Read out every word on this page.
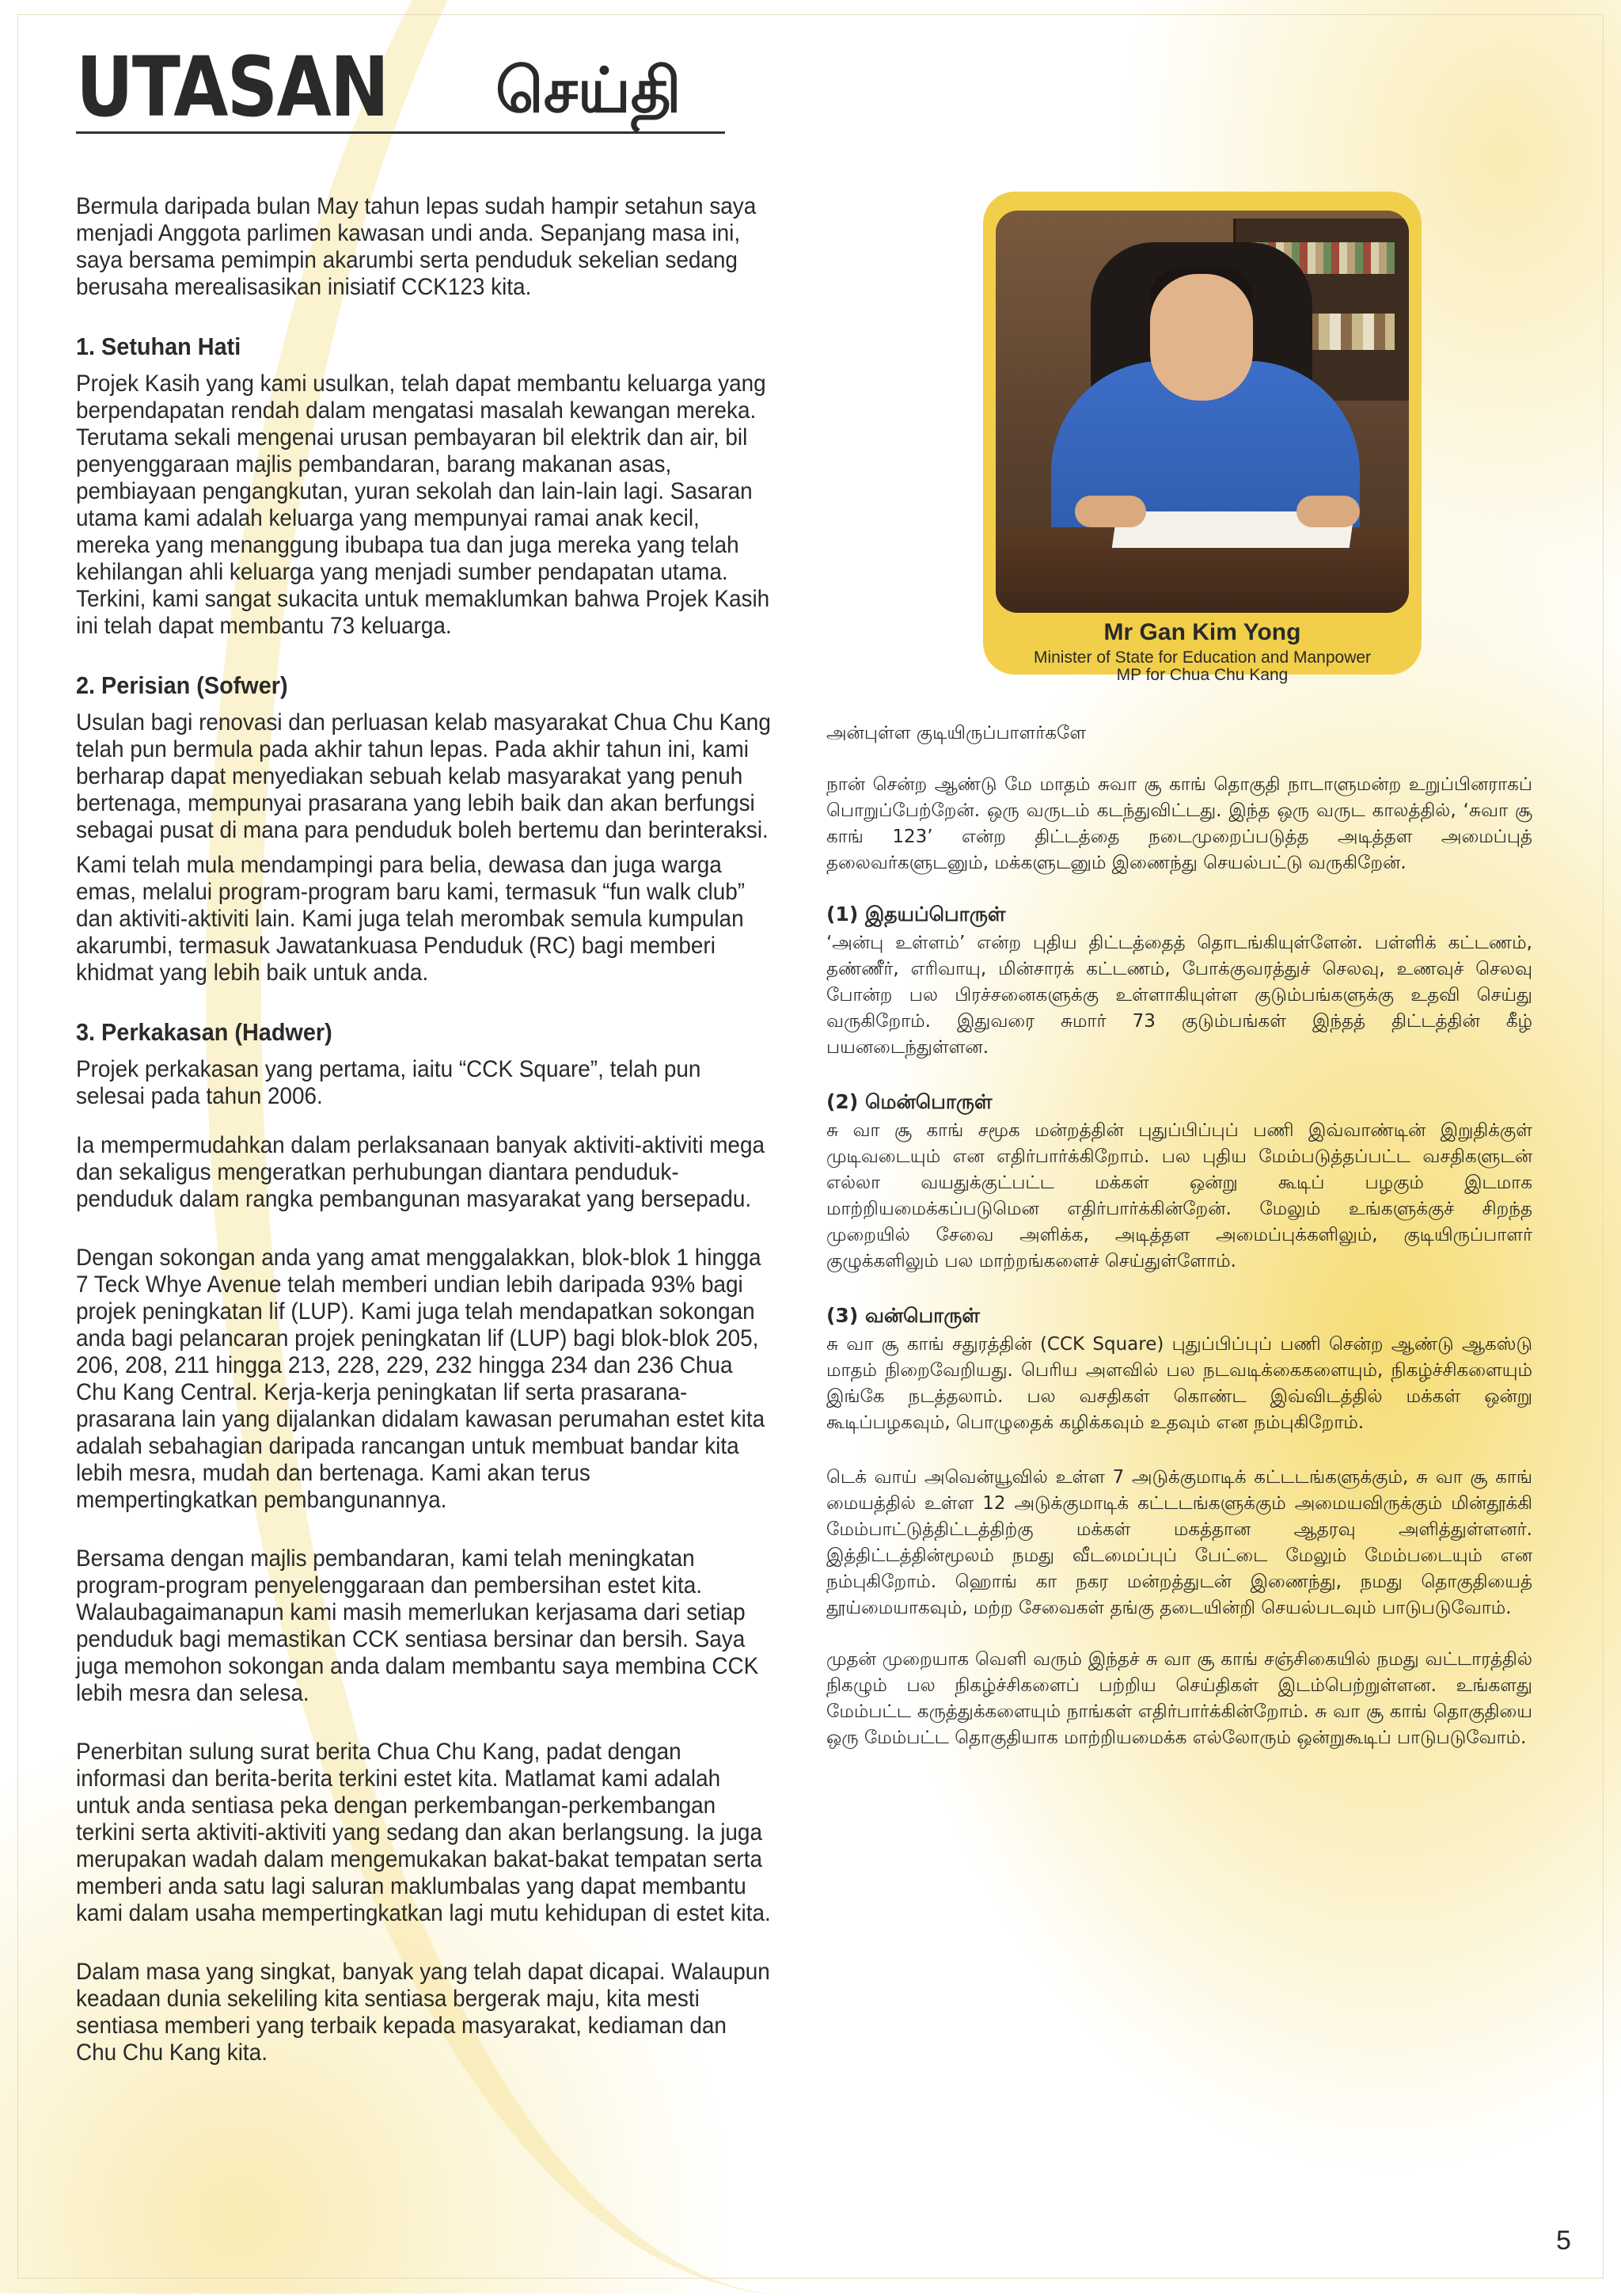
UTASAN செய்தி

Bermula daripada bulan May tahun lepas sudah hampir setahun saya menjadi Anggota parlimen kawasan undi anda. Sepanjang masa ini, saya bersama pemimpin akarumbi serta penduduk sekelian sedang berusaha merealisasikan inisiatif CCK123 kita.

1. Setuhan Hati

Projek Kasih yang kami usulkan, telah dapat membantu keluarga yang berpendapatan rendah dalam mengatasi masalah kewangan mereka. Terutama sekali mengenai urusan pembayaran bil elektrik dan air, bil penyenggaraan majlis pembandaran, barang makanan asas, pembiayaan pengangkutan, yuran sekolah dan lain-lain lagi. Sasaran utama kami adalah keluarga yang mempunyai ramai anak kecil, mereka yang menanggung ibubapa tua dan juga mereka yang telah kehilangan ahli keluarga yang menjadi sumber pendapatan utama. Terkini, kami sangat sukacita untuk memaklumkan bahwa Projek Kasih ini telah dapat membantu 73 keluarga.

2. Perisian (Sofwer)

Usulan bagi renovasi dan perluasan kelab masyarakat Chua Chu Kang telah pun bermula pada akhir tahun lepas. Pada akhir tahun ini, kami berharap dapat menyediakan sebuah kelab masyarakat yang penuh bertenaga, mempunyai prasarana yang lebih baik dan akan berfungsi sebagai pusat di mana para penduduk boleh bertemu dan berinteraksi.

Kami telah mula mendampingi para belia, dewasa dan juga warga emas, melalui program-program baru kami, termasuk “fun walk club” dan aktiviti-aktiviti lain. Kami juga telah merombak semula kumpulan akarumbi, termasuk Jawatankuasa Penduduk (RC) bagi memberi khidmat yang lebih baik untuk anda.

3. Perkakasan (Hadwer)

Projek perkakasan yang pertama, iaitu “CCK Square”, telah pun selesai pada tahun 2006.

Ia mempermudahkan dalam perlaksanaan banyak aktiviti-aktiviti mega dan sekaligus mengeratkan perhubungan diantara penduduk-penduduk dalam rangka pembangunan masyarakat yang bersepadu.

Dengan sokongan anda yang amat menggalakkan, blok-blok 1 hingga 7 Teck Whye Avenue telah memberi undian lebih daripada 93% bagi projek peningkatan lif (LUP). Kami juga telah mendapatkan sokongan anda bagi pelancaran projek peningkatan lif (LUP) bagi blok-blok 205, 206, 208, 211 hingga 213, 228, 229, 232 hingga 234 dan 236 Chua Chu Kang Central. Kerja-kerja peningkatan lif serta prasarana-prasarana lain yang dijalankan didalam kawasan perumahan estet kita adalah sebahagian daripada rancangan untuk membuat bandar kita lebih mesra, mudah dan bertenaga. Kami akan terus mempertingkatkan pembangunannya.

Bersama dengan majlis pembandaran, kami telah meningkatan program-program penyelenggaraan dan pembersihan estet kita. Walaubagaimanapun kami masih memerlukan kerjasama dari setiap penduduk bagi memastikan CCK sentiasa bersinar dan bersih. Saya juga memohon sokongan anda dalam membantu saya membina CCK lebih mesra dan selesa.

Penerbitan sulung surat berita Chua Chu Kang, padat dengan informasi dan berita-berita terkini estet kita. Matlamat kami adalah untuk anda sentiasa peka dengan perkembangan-perkembangan terkini serta aktiviti-aktiviti yang sedang dan akan berlangsung. Ia juga merupakan wadah dalam mengemukakan bakat-bakat tempatan serta memberi anda satu lagi saluran maklumbalas yang dapat membantu kami dalam usaha mempertingkatkan lagi mutu kehidupan di estet kita.

Dalam masa yang singkat, banyak yang telah dapat dicapai. Walaupun keadaan dunia sekeliling kita sentiasa bergerak maju, kita mesti sentiasa memberi yang terbaik kepada masyarakat, kediaman dan Chu Chu Kang kita.

Mr Gan Kim Yong
Minister of State for Education and Manpower
MP for Chua Chu Kang

அன்புள்ள குடியிருப்பாளர்களே

நான் சென்ற ஆண்டு மே மாதம் சுவா சூ காங் தொகுதி நாடாளுமன்ற உறுப்பினராகப் பொறுப்பேற்றேன். ஒரு வருடம் கடந்துவிட்டது. இந்த ஒரு வருட காலத்தில், ‘சுவா சூ காங் 123’ என்ற திட்டத்தை நடைமுறைப்படுத்த அடித்தள அமைப்புத் தலைவர்களுடனும், மக்களுடனும் இணைந்து செயல்பட்டு வருகிறேன்.

(1) இதயப்பொருள்

‘அன்பு உள்ளம்’ என்ற புதிய திட்டத்தைத் தொடங்கியுள்ளேன். பள்ளிக் கட்டணம், தண்ணீர், எரிவாயு, மின்சாரக் கட்டணம், போக்குவரத்துச் செலவு, உணவுச் செலவு போன்ற பல பிரச்சனைகளுக்கு உள்ளாகியுள்ள குடும்பங்களுக்கு உதவி செய்து வருகிறோம். இதுவரை சுமார் 73 குடும்பங்கள் இந்தத் திட்டத்தின் கீழ் பயனடைந்துள்ளன.

(2) மென்பொருள்

சு வா சூ காங் சமூக மன்றத்தின் புதுப்பிப்புப் பணி இவ்வாண்டின் இறுதிக்குள் முடிவடையும் என எதிர்பார்க்கிறோம். பல புதிய மேம்படுத்தப்பட்ட வசதிகளுடன் எல்லா வயதுக்குட்பட்ட மக்கள் ஒன்று கூடிப் பழகும் இடமாக மாற்றியமைக்கப்படுமென எதிர்பார்க்கின்றேன். மேலும் உங்களுக்குச் சிறந்த முறையில் சேவை அளிக்க, அடித்தள அமைப்புக்களிலும், குடியிருப்பாளர் குழுக்களிலும் பல மாற்றங்களைச் செய்துள்ளோம்.

(3) வன்பொருள்

சு வா சூ காங் சதுரத்தின் (CCK Square) புதுப்பிப்புப் பணி சென்ற ஆண்டு ஆகஸ்டு மாதம் நிறைவேறியது. பெரிய அளவில் பல நடவடிக்கைகளையும், நிகழ்ச்சிகளையும் இங்கே நடத்தலாம். பல வசதிகள் கொண்ட இவ்விடத்தில் மக்கள் ஒன்று கூடிப்பழகவும், பொழுதைக் கழிக்கவும் உதவும் என நம்புகிறோம்.

டெக் வாய் அவென்யூவில் உள்ள 7 அடுக்குமாடிக் கட்டடங்களுக்கும், சு வா சூ காங் மையத்தில் உள்ள 12 அடுக்குமாடிக் கட்டடங்களுக்கும் அமையவிருக்கும் மின்தூக்கி மேம்பாட்டுத்திட்டத்திற்கு மக்கள் மகத்தான ஆதரவு அளித்துள்ளனர். இத்திட்டத்தின்மூலம் நமது வீடமைப்புப் பேட்டை மேலும் மேம்படையும் என நம்புகிறோம். ஹொங் கா நகர மன்றத்துடன் இணைந்து, நமது தொகுதியைத் தூய்மையாகவும், மற்ற சேவைகள் தங்கு தடையின்றி செயல்படவும் பாடுபடுவோம்.

முதன் முறையாக வெளி வரும் இந்தச் சு வா சூ காங் சஞ்சிகையில் நமது வட்டாரத்தில் நிகழும் பல நிகழ்ச்சிகளைப் பற்றிய செய்திகள் இடம்பெற்றுள்ளன. உங்களது மேம்பட்ட கருத்துக்களையும் நாங்கள் எதிர்பார்க்கின்றோம். சு வா சூ காங் தொகுதியை ஒரு மேம்பட்ட தொகுதியாக மாற்றியமைக்க எல்லோரும் ஒன்றுகூடிப் பாடுபடுவோம்.

5
